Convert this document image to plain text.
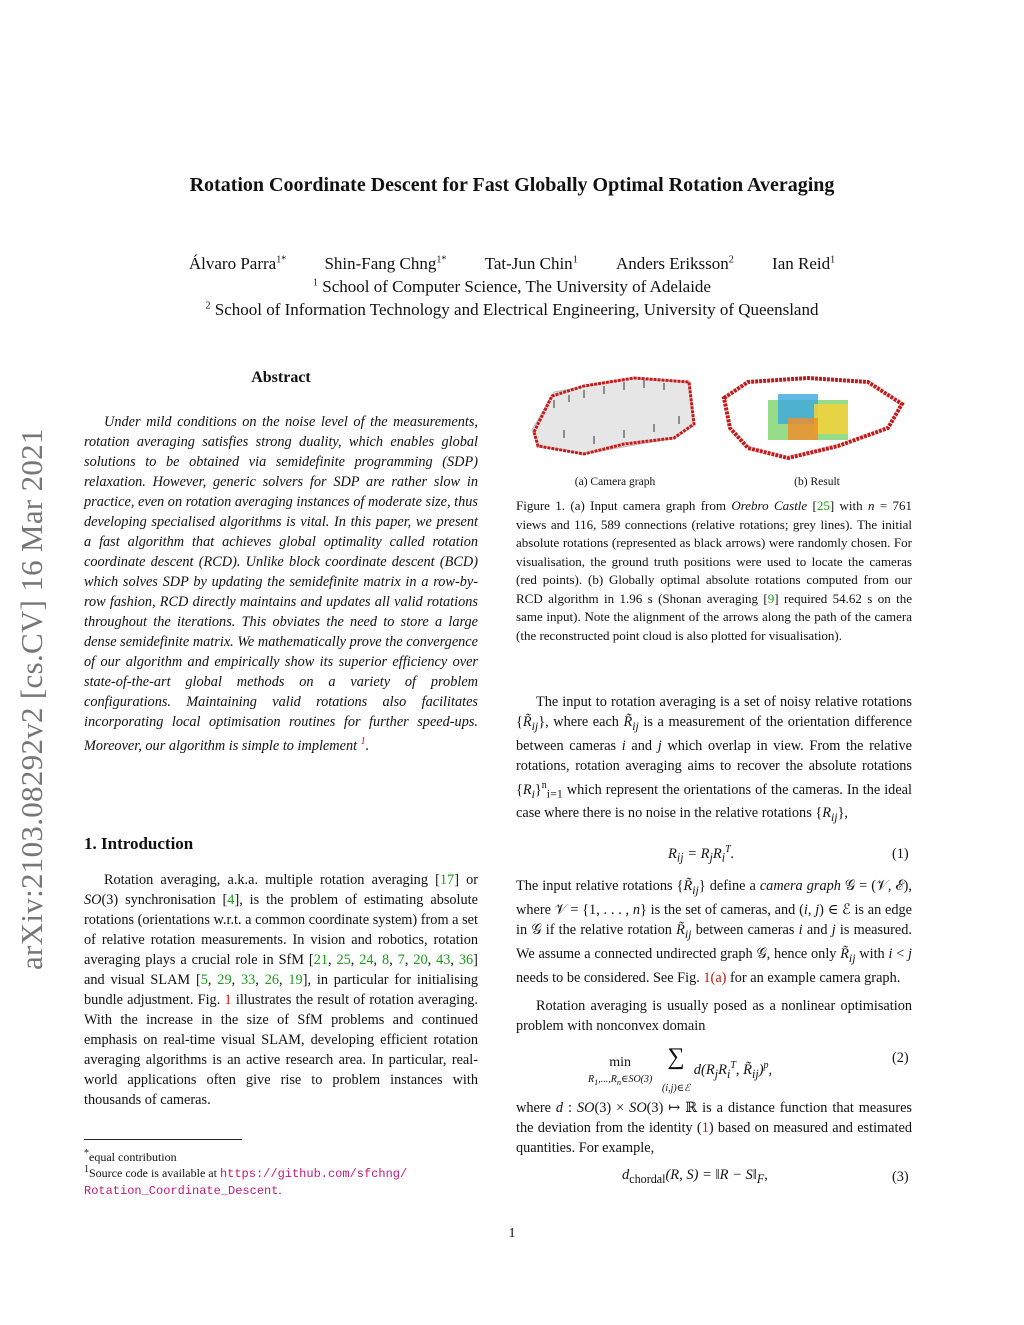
Rotation Coordinate Descent for Fast Globally Optimal Rotation Averaging
Álvaro Parra$^{1*}$ Shin-Fang Chng$^{1*}$ Tat-Jun Chin$^1$ Anders Eriksson$^2$ Ian Reid$^1$
$^1$ School of Computer Science, The University of Adelaide
$^2$ School of Information Technology and Electrical Engineering, University of Queensland
arXiv:2103.08292v2 [cs.CV] 16 Mar 2021
Abstract
Under mild conditions on the noise level of the measurements, rotation averaging satisfies strong duality, which enables global solutions to be obtained via semidefinite programming (SDP) relaxation. However, generic solvers for SDP are rather slow in practice, even on rotation averaging instances of moderate size, thus developing specialised algorithms is vital. In this paper, we present a fast algorithm that achieves global optimality called rotation coordinate descent (RCD). Unlike block coordinate descent (BCD) which solves SDP by updating the semidefinite matrix in a row-by-row fashion, RCD directly maintains and updates all valid rotations throughout the iterations. This obviates the need to store a large dense semidefinite matrix. We mathematically prove the convergence of our algorithm and empirically show its superior efficiency over state-of-the-art global methods on a variety of problem configurations. Maintaining valid rotations also facilitates incorporating local optimisation routines for further speed-ups. Moreover, our algorithm is simple to implement $^1$.
1. Introduction
Rotation averaging, a.k.a. multiple rotation averaging [17] or SO(3) synchronisation [4], is the problem of estimating absolute rotations (orientations w.r.t. a common coordinate system) from a set of relative rotation measurements. In vision and robotics, rotation averaging plays a crucial role in SfM [21, 25, 24, 8, 7, 20, 43, 36] and visual SLAM [5, 29, 33, 26, 19], in particular for initialising bundle adjustment. Fig. 1 illustrates the result of rotation averaging. With the increase in the size of SfM problems and continued emphasis on real-time visual SLAM, developing efficient rotation averaging algorithms is an active research area. In particular, real-world applications often give rise to problem instances with thousands of cameras.
*equal contribution
$^1$Source code is available at https://github.com/sfchng/
Rotation_Coordinate_Descent.
(a) Camera graph	(b) Result
Figure 1. (a) Input camera graph from Orebro Castle [25] with n = 761 views and 116, 589 connections (relative rotations; grey lines). The initial absolute rotations (represented as black arrows) were randomly chosen. For visualisation, the ground truth positions were used to locate the cameras (red points). (b) Globally optimal absolute rotations computed from our RCD algorithm in 1.96 s (Shonan averaging [9] required 54.62 s on the same input). Note the alignment of the arrows along the path of the camera (the reconstructed point cloud is also plotted for visualisation).
The input to rotation averaging is a set of noisy relative rotations $\{R̃_{ij}\}$, where each $R̃_{ij}$ is a measurement of the orientation difference between cameras i and j which overlap in view. From the relative rotations, rotation averaging aims to recover the absolute rotations $\{R_i\}^n_{i=1}$ which represent the orientations of the cameras. In the ideal case where there is no noise in the relative rotations $\{R_{ij}\}$,
$R_{ij} = R_jR_i^T$.	(1)
The input relative rotations $\{R̃_{ij}\}$ define a camera graph 𝒢 = (𝒱, ℰ), where 𝒱 = {1, . . . , n} is the set of cameras, and (i, j) ∈ ℰ is an edge in 𝒢 if the relative rotation $R̃_{ij}$ between cameras i and j is measured. We assume a connected undirected graph 𝒢, hence only $R̃_{ij}$ with i < j needs to be considered. See Fig. 1(a) for an example camera graph.
Rotation averaging is usually posed as a nonlinear optimisation problem with nonconvex domain
min
$R_1,...,R_n\in SO(3)$ ∑
(i,j)∈ℰ $d(R_jR_i^T$, $R̃_{ij})^p$,
(2)
where d : SO(3) × SO(3) ↦ ℝ is a distance function that measures the deviation from the identity (1) based on measured and estimated quantities. For example,
$d_{chordal}(R$, S) = ‖R − $S‖_F$,	(3)
1
